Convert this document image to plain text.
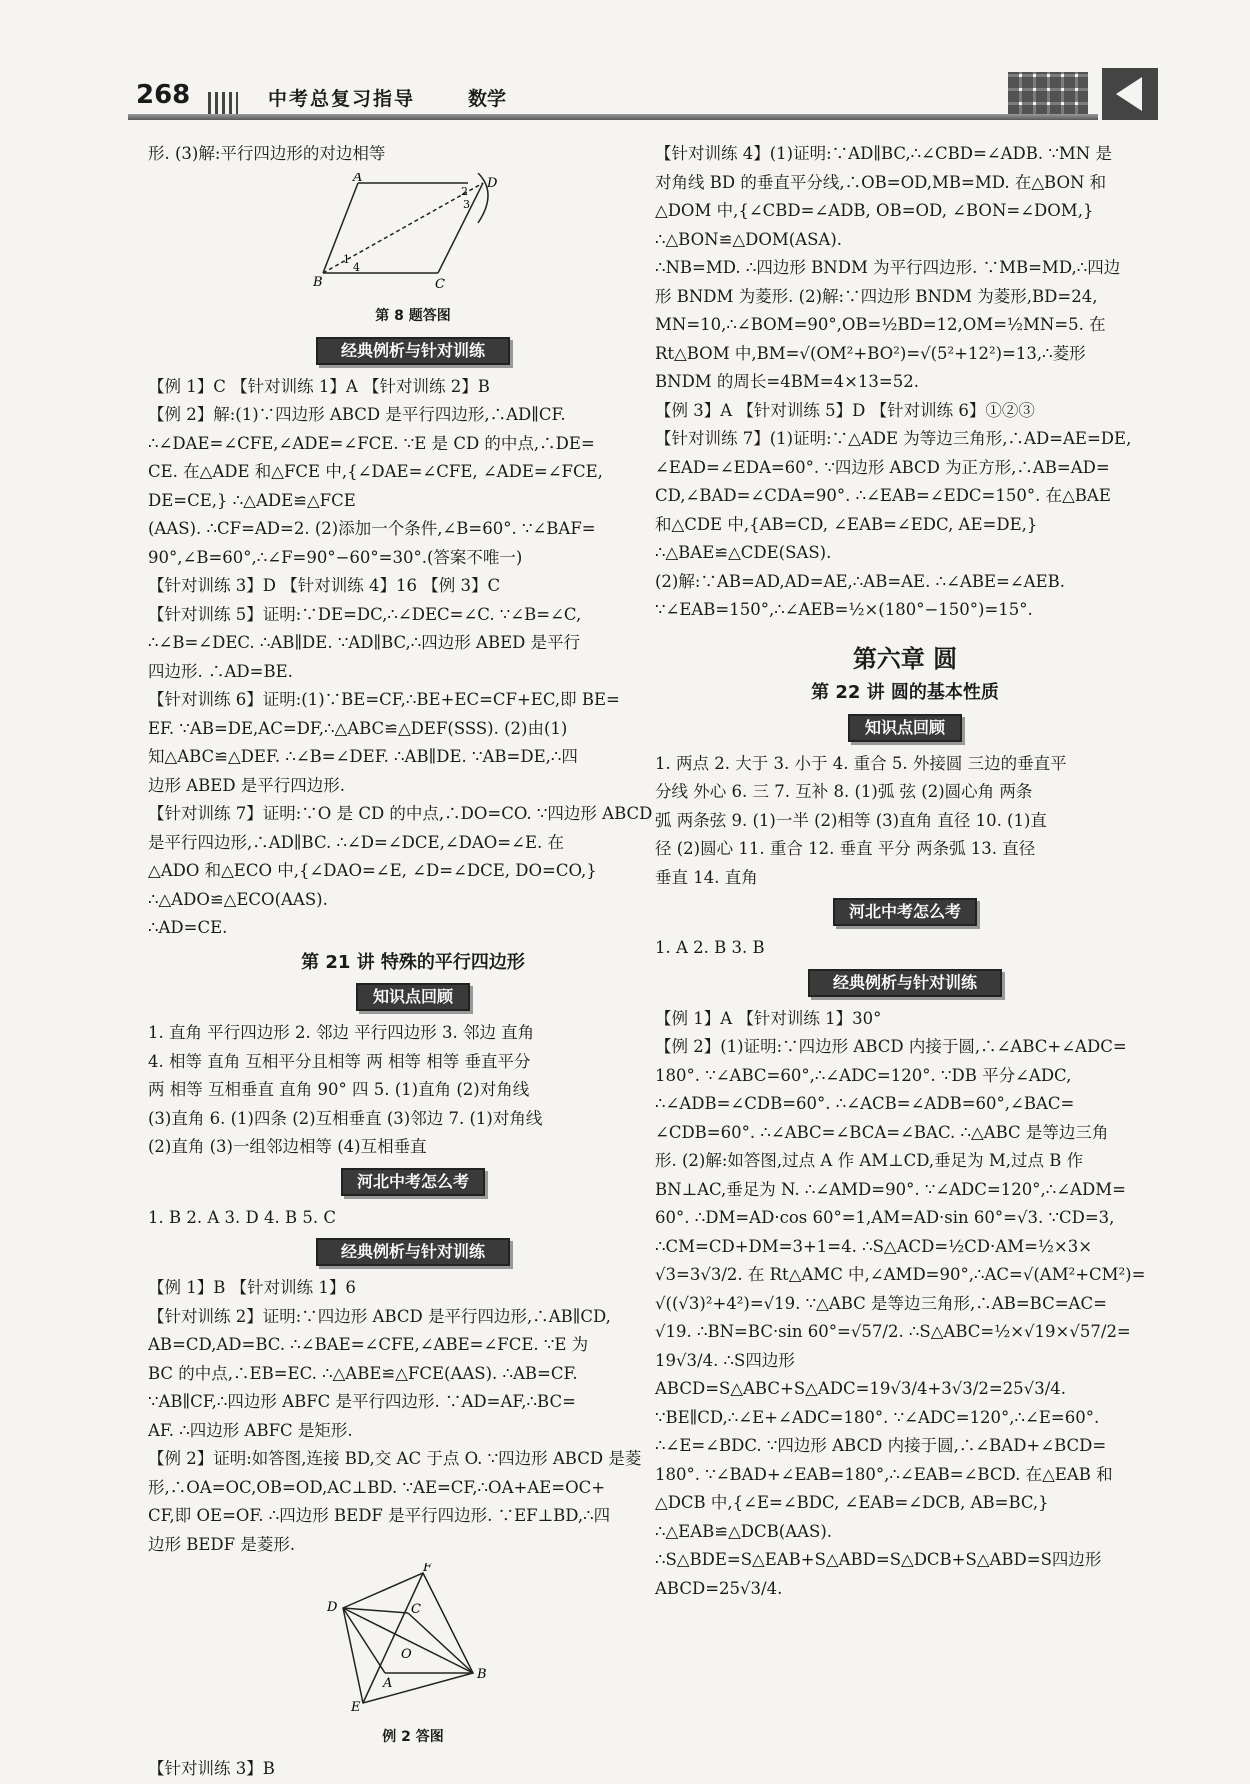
268	中考总复习指导	数学

形. (3)解:平行四边形的对边相等

A
B	C
D
1
2
3
4
第 8 题答图
经典例析与针对训练

【例 1】C 【针对训练 1】A 【针对训练 2】B

【例 2】解:(1)∵四边形 ABCD 是平行四边形,∴AD∥CF.

∴∠DAE=∠CFE,∠ADE=∠FCE. ∵E 是 CD 的中点,∴DE=

CE. 在△ADE 和△FCE 中,{∠DAE=∠CFE, ∠ADE=∠FCE, DE=CE,} ∴△ADE≌△FCE

(AAS). ∴CF=AD=2. (2)添加一个条件,∠B=60°. ∵∠BAF=

90°,∠B=60°,∴∠F=90°−60°=30°.(答案不唯一)

【针对训练 3】D 【针对训练 4】16 【例 3】C

【针对训练 5】证明:∵DE=DC,∴∠DEC=∠C. ∵∠B=∠C,

∴∠B=∠DEC. ∴AB∥DE. ∵AD∥BC,∴四边形 ABED 是平行

四边形. ∴AD=BE.

【针对训练 6】证明:(1)∵BE=CF,∴BE+EC=CF+EC,即 BE=

EF. ∵AB=DE,AC=DF,∴△ABC≌△DEF(SSS). (2)由(1)

知△ABC≌△DEF. ∴∠B=∠DEF. ∴AB∥DE. ∵AB=DE,∴四

边形 ABED 是平行四边形.

【针对训练 7】证明:∵O 是 CD 的中点,∴DO=CO. ∵四边形 ABCD

是平行四边形,∴AD∥BC. ∴∠D=∠DCE,∠DAO=∠E. 在

△ADO 和△ECO 中,{∠DAO=∠E, ∠D=∠DCE, DO=CO,} ∴△ADO≌△ECO(AAS).

∴AD=CE.

第 21 讲 特殊的平行四边形
知识点回顾

1. 直角 平行四边形 2. 邻边 平行四边形 3. 邻边 直角

4. 相等 直角 互相平分且相等 两 相等 相等 垂直平分

两 相等 互相垂直 直角 90° 四 5. (1)直角 (2)对角线

(3)直角 6. (1)四条 (2)互相垂直 (3)邻边 7. (1)对角线

(2)直角 (3)一组邻边相等 (4)互相垂直

河北中考怎么考

1. B 2. A 3. D 4. B 5. C

经典例析与针对训练

【例 1】B 【针对训练 1】6

【针对训练 2】证明:∵四边形 ABCD 是平行四边形,∴AB∥CD,

AB=CD,AD=BC. ∴∠BAE=∠CFE,∠ABE=∠FCE. ∵E 为

BC 的中点,∴EB=EC. ∴△ABE≌△FCE(AAS). ∴AB=CF.

∵AB∥CF,∴四边形 ABFC 是平行四边形. ∵AD=AF,∴BC=

AF. ∴四边形 ABFC 是矩形.

【例 2】证明:如答图,连接 BD,交 AC 于点 O. ∵四边形 ABCD 是菱

形,∴OA=OC,OB=OD,AC⊥BD. ∵AE=CF,∴OA+AE=OC+

CF,即 OE=OF. ∴四边形 BEDF 是平行四边形. ∵EF⊥BD,∴四

边形 BEDF 是菱形.

F
D	C
O
A
B
E
例 2 答图

【针对训练 3】B

【针对训练 4】(1)证明:∵AD∥BC,∴∠CBD=∠ADB. ∵MN 是

对角线 BD 的垂直平分线,∴OB=OD,MB=MD. 在△BON 和

△DOM 中,{∠CBD=∠ADB, OB=OD, ∠BON=∠DOM,} ∴△BON≌△DOM(ASA).

∴NB=MD. ∴四边形 BNDM 为平行四边形. ∵MB=MD,∴四边

形 BNDM 为菱形. (2)解:∵四边形 BNDM 为菱形,BD=24,

MN=10,∴∠BOM=90°,OB=½BD=12,OM=½MN=5. 在

Rt△BOM 中,BM=√(OM²+BO²)=√(5²+12²)=13,∴菱形

BNDM 的周长=4BM=4×13=52.

【例 3】A 【针对训练 5】D 【针对训练 6】①②③

【针对训练 7】(1)证明:∵△ADE 为等边三角形,∴AD=AE=DE,

∠EAD=∠EDA=60°. ∵四边形 ABCD 为正方形,∴AB=AD=

CD,∠BAD=∠CDA=90°. ∴∠EAB=∠EDC=150°. 在△BAE

和△CDE 中,{AB=CD, ∠EAB=∠EDC, AE=DE,} ∴△BAE≌△CDE(SAS).

(2)解:∵AB=AD,AD=AE,∴AB=AE. ∴∠ABE=∠AEB.

∵∠EAB=150°,∴∠AEB=½×(180°−150°)=15°.

第六章 圆
第 22 讲 圆的基本性质
知识点回顾

1. 两点 2. 大于 3. 小于 4. 重合 5. 外接圆 三边的垂直平

分线 外心 6. 三 7. 互补 8. (1)弧 弦 (2)圆心角 两条

弧 两条弦 9. (1)一半 (2)相等 (3)直角 直径 10. (1)直

径 (2)圆心 11. 重合 12. 垂直 平分 两条弧 13. 直径

垂直 14. 直角

河北中考怎么考

1. A 2. B 3. B

经典例析与针对训练

【例 1】A 【针对训练 1】30°

【例 2】(1)证明:∵四边形 ABCD 内接于圆,∴∠ABC+∠ADC=

180°. ∵∠ABC=60°,∴∠ADC=120°. ∵DB 平分∠ADC,

∴∠ADB=∠CDB=60°. ∴∠ACB=∠ADB=60°,∠BAC=

∠CDB=60°. ∴∠ABC=∠BCA=∠BAC. ∴△ABC 是等边三角

形. (2)解:如答图,过点 A 作 AM⊥CD,垂足为 M,过点 B 作

BN⊥AC,垂足为 N. ∴∠AMD=90°. ∵∠ADC=120°,∴∠ADM=

60°. ∴DM=AD·cos 60°=1,AM=AD·sin 60°=√3. ∵CD=3,

∴CM=CD+DM=3+1=4. ∴S△ACD=½CD·AM=½×3×

√3=3√3/2. 在 Rt△AMC 中,∠AMD=90°,∴AC=√(AM²+CM²)=

√((√3)²+4²)=√19. ∵△ABC 是等边三角形,∴AB=BC=AC=

√19. ∴BN=BC·sin 60°=√57/2. ∴S△ABC=½×√19×√57/2=

19√3/4. ∴S四边形ABCD=S△ABC+S△ADC=19√3/4+3√3/2=25√3/4.

∵BE∥CD,∴∠E+∠ADC=180°. ∵∠ADC=120°,∴∠E=60°.

∴∠E=∠BDC. ∵四边形 ABCD 内接于圆,∴∠BAD+∠BCD=

180°. ∵∠BAD+∠EAB=180°,∴∠EAB=∠BCD. 在△EAB 和

△DCB 中,{∠E=∠BDC, ∠EAB=∠DCB, AB=BC,} ∴△EAB≌△DCB(AAS).

∴S△BDE=S△EAB+S△ABD=S△DCB+S△ABD=S四边形ABCD=25√3/4.
